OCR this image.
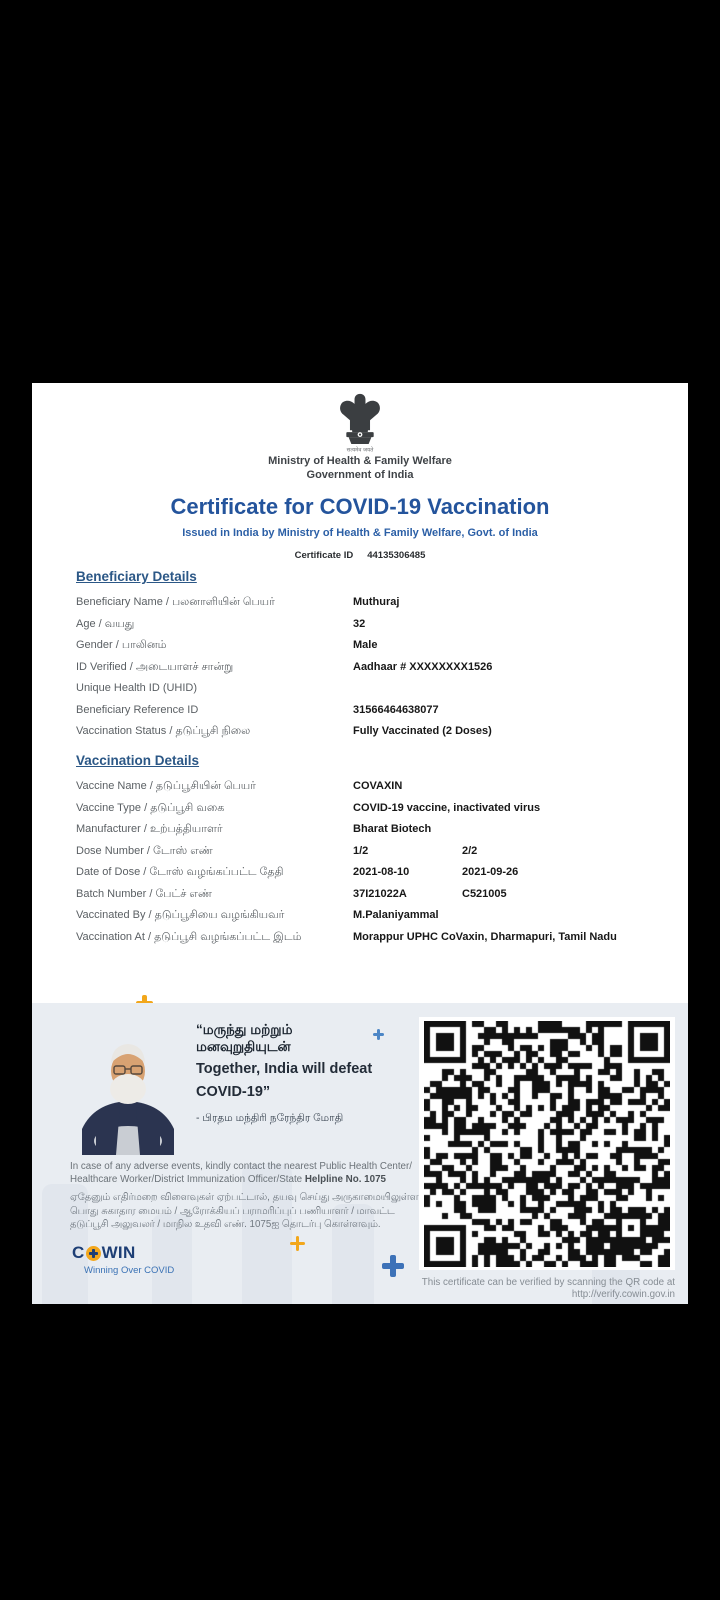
सत्यमेव जयते
Ministry of Health & Family Welfare
Government of India
Certificate for COVID-19 Vaccination
Issued in India by Ministry of Health & Family Welfare, Govt. of India
Certificate ID 44135306485
Beneficiary Details
Beneficiary Name / பலனாளியின் பெயர்	Muthuraj
Age / வயது	32
Gender / பாலினம்	Male
ID Verified / அடையாளச் சான்று	Aadhaar # XXXXXXXX1526
Unique Health ID (UHID)
Beneficiary Reference ID	31566464638077
Vaccination Status / தடுப்பூசி நிலை	Fully Vaccinated (2 Doses)
Vaccination Details
Vaccine Name / தடுப்பூசியின் பெயர்	COVAXIN
Vaccine Type / தடுப்பூசி வகை	COVID-19 vaccine, inactivated virus
Manufacturer / உற்பத்தியாளர்	Bharat Biotech
Dose Number / டோஸ் எண்	1/2	2/2
Date of Dose / டோஸ் வழங்கப்பட்ட தேதி	2021-08-10	2021-09-26
Batch Number / பேட்ச் எண்	37I21022A	C521005
Vaccinated By / தடுப்பூசியை வழங்கியவர்	M.Palaniyammal
Vaccination At / தடுப்பூசி வழங்கப்பட்ட இடம்	Morappur UPHC CoVaxin, Dharmapuri, Tamil Nadu
“மருந்து மற்றும்
மனவுறுதியுடன்
Together, India will defeat
COVID-19”
- பிரதம மந்திரி நரேந்திர மோதி
In case of any adverse events, kindly contact the nearest Public Health Center/ Healthcare Worker/District Immunization Officer/State Helpline No. 1075
ஏதேனும் எதிர்மறை விளைவுகள் ஏற்பட்டால், தயவு செய்து அருகாமையிலுள்ள பொது சுகாதார மையம் / ஆரோக்கியப் பராமரிப்புப் பணியாளர் / மாவட்ட தடுப்பூசி அலுவலர் / மாநில உதவி எண். 1075ஐ தொடர்பு கொள்ளவும்.
C WIN
Winning Over COVID
This certificate can be verified by scanning the QR code at
http://verify.cowin.gov.in
